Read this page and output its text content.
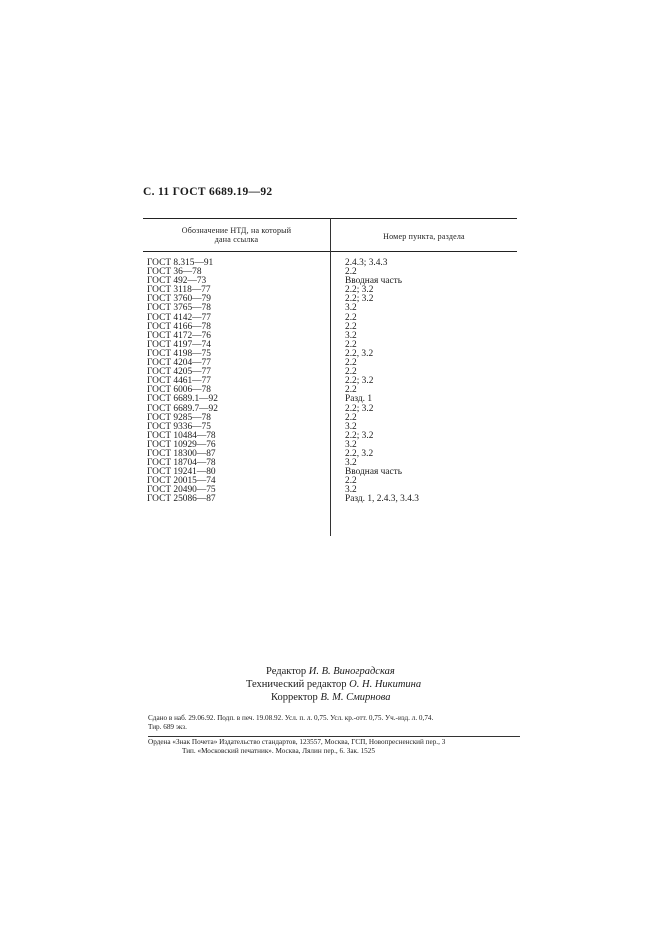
С. 11 ГОСТ 6689.19—92
Обозначение НТД, на который
дана ссылка	Номер пункта, раздела
ГОСТ 8.315—91
ГОСТ 36—78
ГОСТ 492—73
ГОСТ 3118—77
ГОСТ 3760—79
ГОСТ 3765—78
ГОСТ 4142—77
ГОСТ 4166—78
ГОСТ 4172—76
ГОСТ 4197—74
ГОСТ 4198—75
ГОСТ 4204—77
ГОСТ 4205—77
ГОСТ 4461—77
ГОСТ 6006—78
ГОСТ 6689.1—92
ГОСТ 6689.7—92
ГОСТ 9285—78
ГОСТ 9336—75
ГОСТ 10484—78
ГОСТ 10929—76
ГОСТ 18300—87
ГОСТ 18704—78
ГОСТ 19241—80
ГОСТ 20015—74
ГОСТ 20490—75
ГОСТ 25086—87
2.4.3; 3.4.3
2.2
Вводная часть
2.2; 3.2
2.2; 3.2
3.2
2.2
2.2
3.2
2.2
2.2, 3.2
2.2
2.2
2.2; 3.2
2.2
Разд. 1
2.2; 3.2
2.2
3.2
2.2; 3.2
3.2
2.2, 3.2
3.2
Вводная часть
2.2
3.2
Разд. 1, 2.4.3, 3.4.3
Редактор И. В. Виноградская
Технический редактор О. Н. Никитина
Корректор В. М. Смирнова
Сдано в наб. 29.06.92. Подп. в печ. 19.08.92. Усл. п. л. 0,75. Усл. кр.-отт. 0,75. Уч.-изд. л. 0,74.
Тир. 689 экз.
Ордена «Знак Почета» Издательство стандартов, 123557, Москва, ГСП, Новопресненский пер., 3
Тип. «Московский печатник». Москва, Лялин пер., 6. Зак. 1525
